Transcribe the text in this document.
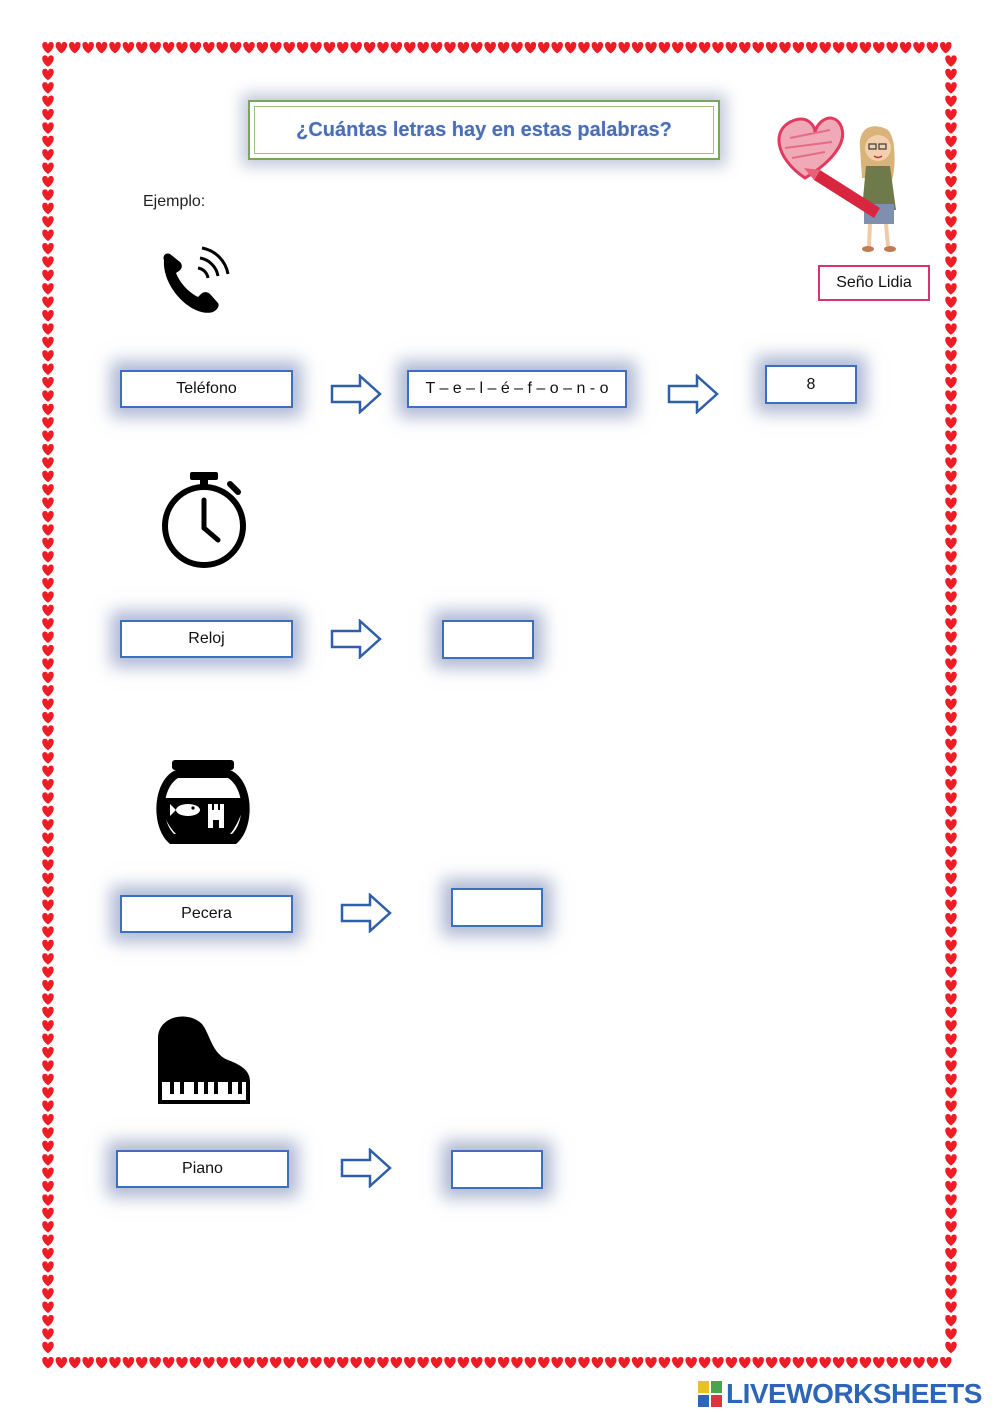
¿Cuántas letras hay en estas palabras?
Seño Lidia
Ejemplo:
Teléfono	T – e – l – é – f – o – n - o	8
Reloj
Pecera
Piano
LIVEWORKSHEETS
